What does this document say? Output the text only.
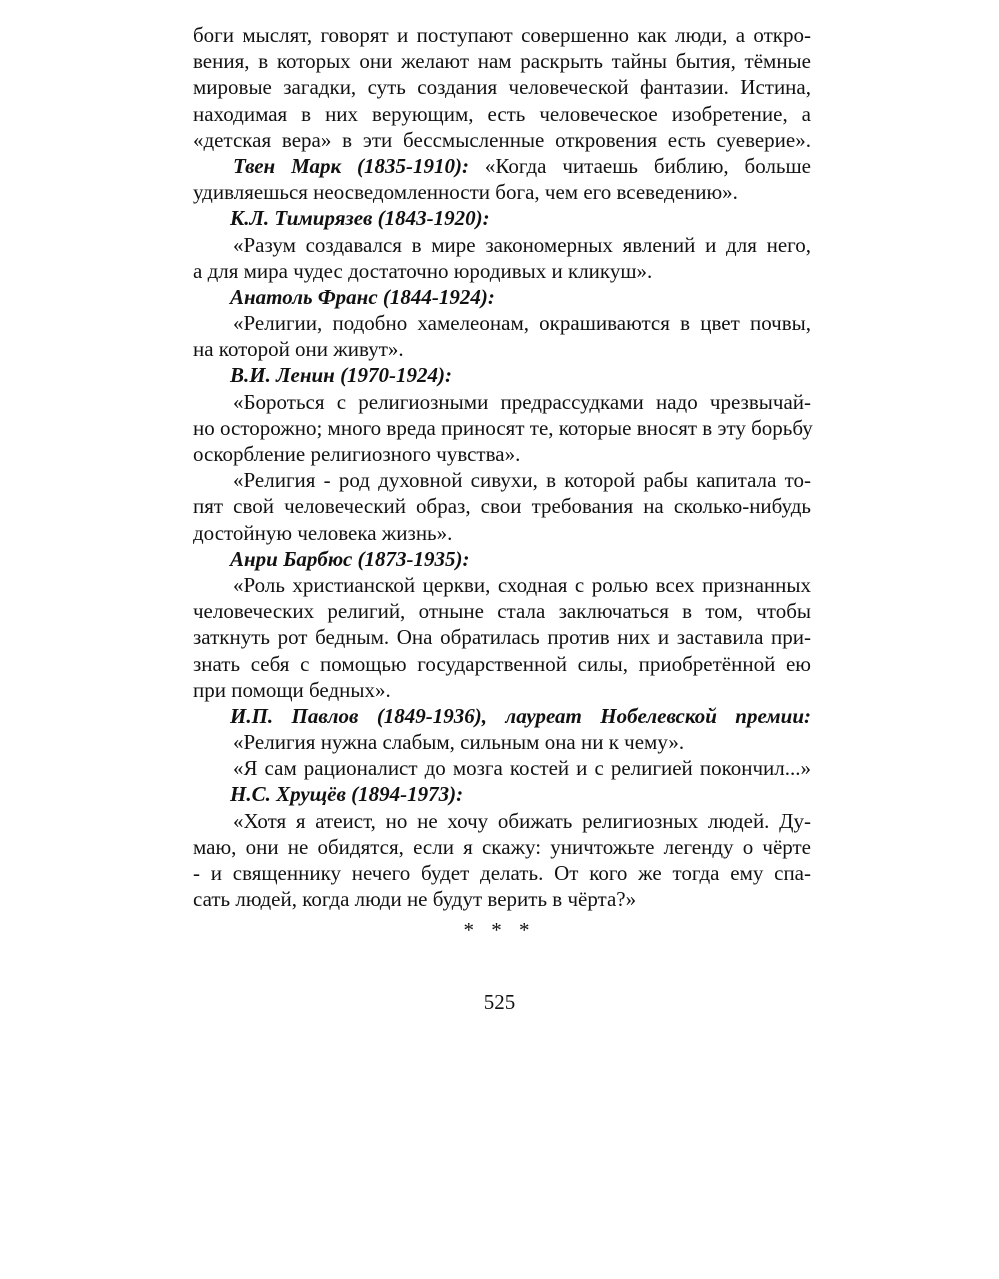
боги мыслят, говорят и поступают совершенно как люди, а откро-
вения, в которых они желают нам раскрыть тайны бытия, тёмные
мировые загадки, суть создания человеческой фантазии. Истина,
находимая в них верующим, есть человеческое изобретение, а
«детская вера» в эти бессмысленные откровения есть суеверие».
Твен Марк (1835-1910): «Когда читаешь библию, больше
удивляешься неосведомленности бога, чем его всеведению».
К.Л. Тимирязев (1843-1920):
«Разум создавался в мире закономерных явлений и для него,
а для мира чудес достаточно юродивых и кликуш».
Анатоль Франс (1844-1924):
«Религии, подобно хамелеонам, окрашиваются в цвет почвы,
на которой они живут».
В.И. Ленин (1970-1924):
«Бороться с религиозными предрассудками надо чрезвычай-
но осторожно; много вреда приносят те, которые вносят в эту борьбу
оскорбление религиозного чувства».
«Религия - род духовной сивухи, в которой рабы капитала то-
пят свой человеческий образ, свои требования на сколько-нибудь
достойную человека жизнь».
Анри Барбюс (1873-1935):
«Роль христианской церкви, сходная с ролью всех признанных
человеческих религий, отныне стала заключаться в том, чтобы
заткнуть рот бедным. Она обратилась против них и заставила при-
знать себя с помощью государственной силы, приобретённой ею
при помощи бедных».
И.П. Павлов (1849-1936), лауреат Нобелевской премии:
«Религия нужна слабым, сильным она ни к чему».
«Я сам рационалист до мозга костей и с религией покончил...»
Н.С. Хрущёв (1894-1973):
«Хотя я атеист, но не хочу обижать религиозных людей. Ду-
маю, они не обидятся, если я скажу: уничтожьте легенду о чёрте
- и священнику нечего будет делать. От кого же тогда ему спа-
сать людей, когда люди не будут верить в чёрта?»
* * *
525
